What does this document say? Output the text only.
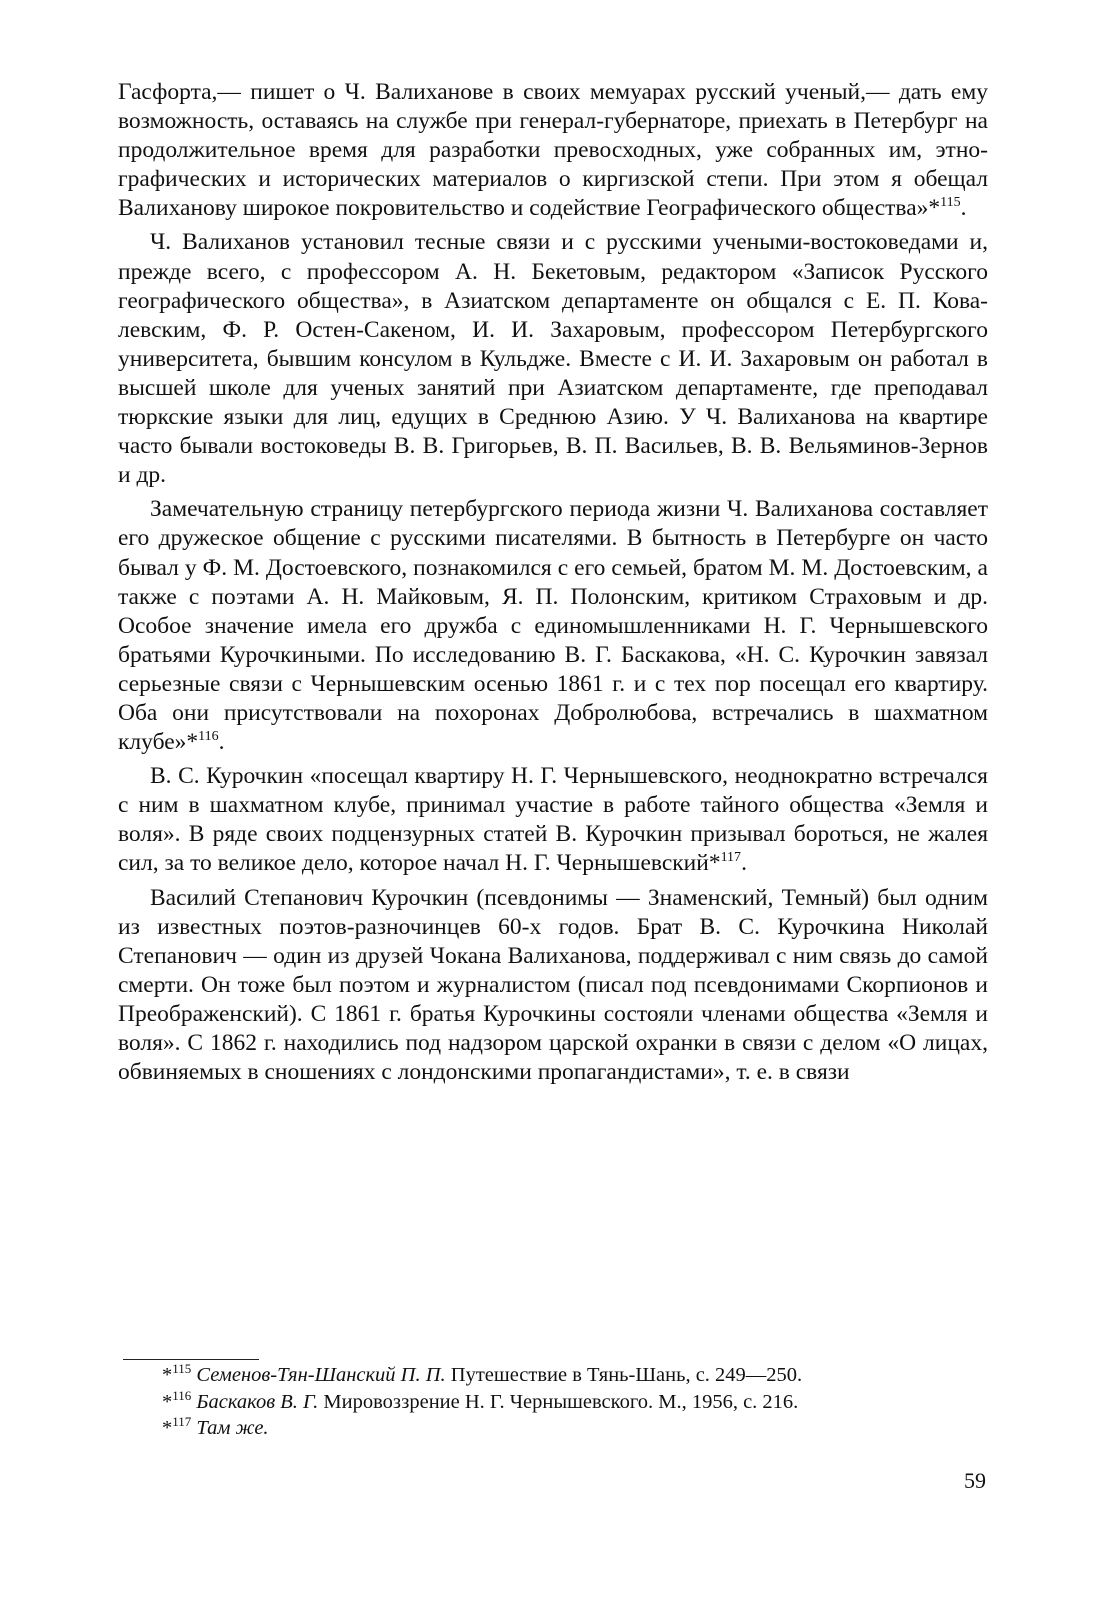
Гасфорта,— пишет о Ч. Валиханове в своих мемуарах русский ученый,— дать ему возможность, оставаясь на службе при генерал-губернаторе, приехать в Петербург на продолжительное время для разработки превосходных, уже собранных им, этнографических и исторических материалов о киргизской степи. При этом я обещал Валиханову широкое покровительство и содействие Географического общества»*$^{115}$.

Ч. Валиханов установил тесные связи и с русскими учеными-востоковедами и, прежде всего, с профессором А. Н. Бекетовым, редактором «Записок Русского географического общества», в Азиатском департаменте он общался с Е. П. Ковалевским, Ф. Р. Остен-Сакеном, И. И. Захаровым, профессором Петербургского университета, бывшим консулом в Кульдже. Вместе с И. И. Захаровым он работал в высшей школе для ученых занятий при Азиатском департаменте, где преподавал тюркские языки для лиц, едущих в Среднюю Азию. У Ч. Валиханова на квартире часто бывали востоковеды В. В. Григорьев, В. П. Васильев, В. В. Вельяминов-Зернов и др.

Замечательную страницу петербургского периода жизни Ч. Валиханова составляет его дружеское общение с русскими писателями. В бытность в Петербурге он часто бывал у Ф. М. Достоевского, познакомился с его семьей, братом М. М. Достоевским, а также с поэтами А. Н. Майковым, Я. П. Полонским, критиком Страховым и др. Особое значение имела его дружба с единомышленниками Н. Г. Чернышевского братьями Курочкиными. По исследованию В. Г. Баскакова, «Н. С. Курочкин завязал серьезные связи с Чернышевским осенью 1861 г. и с тех пор посещал его квартиру. Оба они присутствовали на похоронах Добролюбова, встречались в шахматном клубе»*$^{116}$.

В. С. Курочкин «посещал квартиру Н. Г. Чернышевского, неоднократно встречался с ним в шахматном клубе, принимал участие в работе тайного общества «Земля и воля». В ряде своих подцензурных статей В. Курочкин призывал бороться, не жалея сил, за то великое дело, которое начал Н. Г. Чернышевский*$^{117}$.

Василий Степанович Курочкин (псевдонимы — Знаменский, Темный) был одним из известных поэтов-разночинцев 60-х годов. Брат В. С. Курочкина Николай Степанович — один из друзей Чокана Валиханова, поддерживал с ним связь до самой смерти. Он тоже был поэтом и журналистом (писал под псевдонимами Скорпионов и Преображенский). С 1861 г. братья Курочкины состояли членами общества «Земля и воля». С 1862 г. находились под надзором царской охранки в связи с делом «О лицах, обвиняемых в сношениях с лондонскими пропагандистами», т. е. в связи

*$^{115}$ Семенов-Тян-Шанский П. П. Путешествие в Тянь-Шань, с. 249—250.

*$^{116}$ Баскаков В. Г. Мировоззрение Н. Г. Чернышевского. М., 1956, с. 216.

*$^{117}$ Там же.

59
